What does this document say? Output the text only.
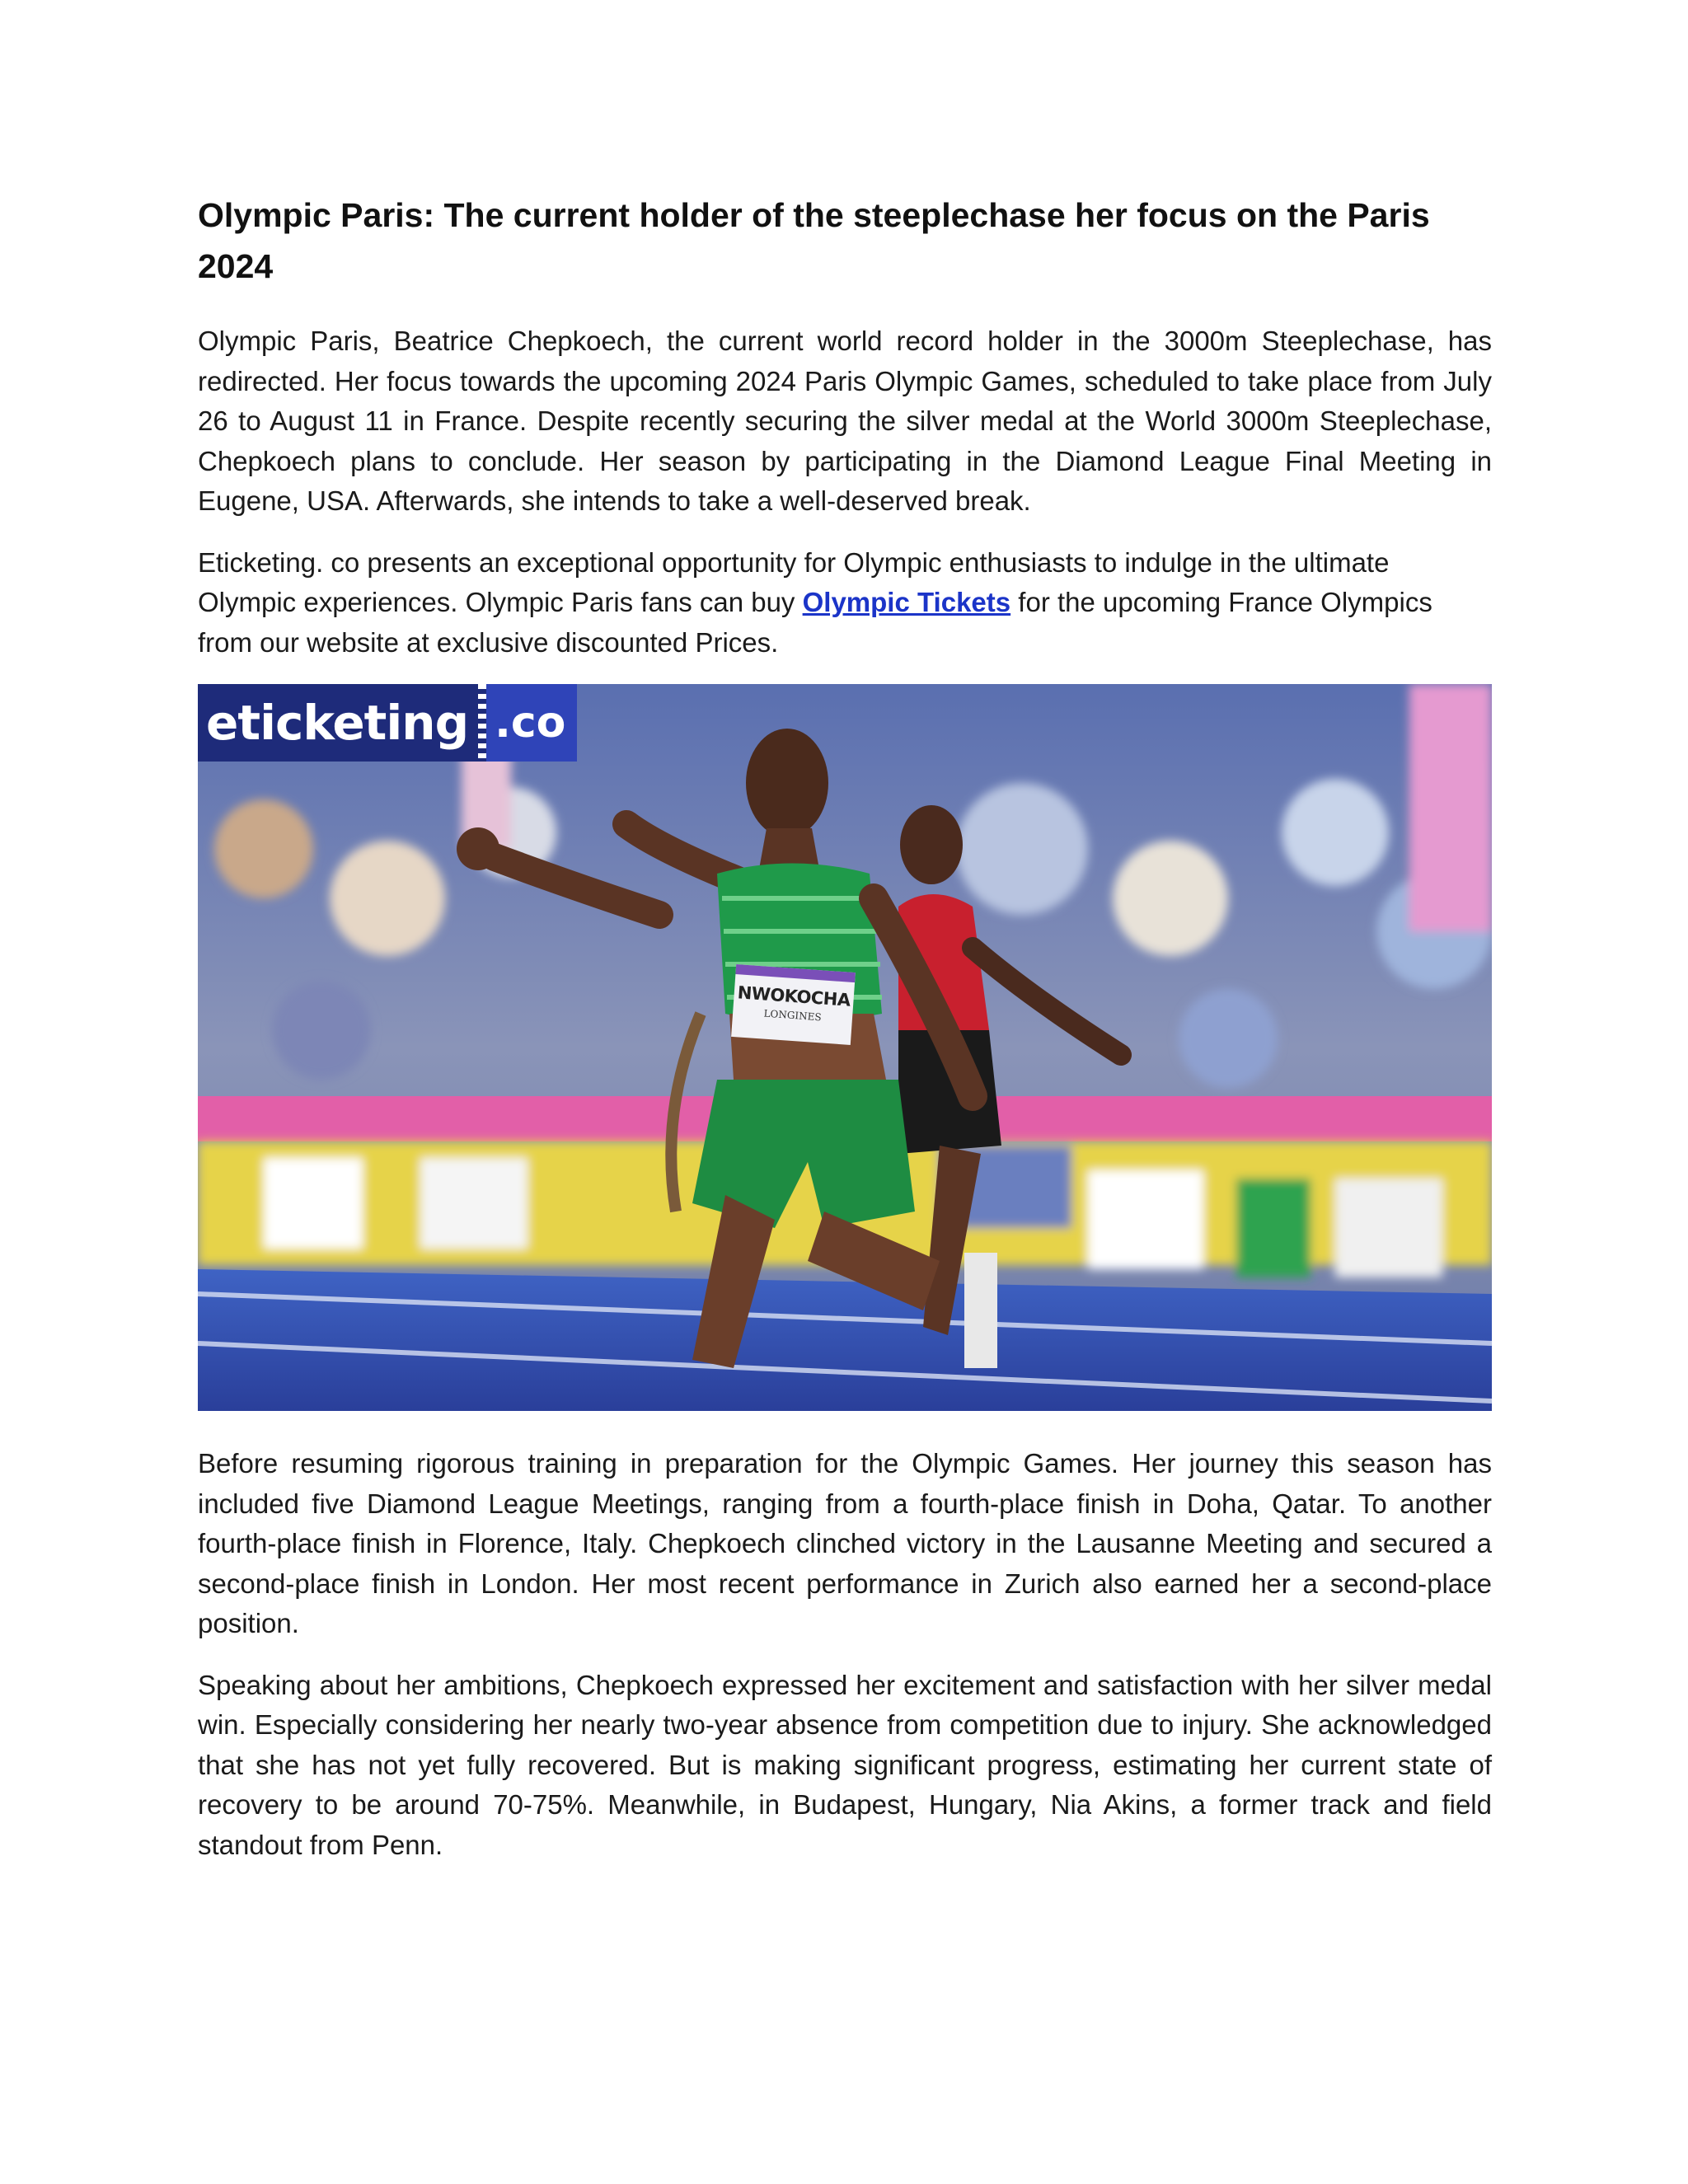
Olympic Paris: The current holder of the steeplechase her focus on the Paris 2024

Olympic Paris, Beatrice Chepkoech, the current world record holder in the 3000m Steeplechase, has redirected. Her focus towards the upcoming 2024 Paris Olympic Games, scheduled to take place from July 26 to August 11 in France. Despite recently securing the silver medal at the World 3000m Steeplechase, Chepkoech plans to conclude. Her season by participating in the Diamond League Final Meeting in Eugene, USA. Afterwards, she intends to take a well-deserved break.

Eticketing. co presents an exceptional opportunity for Olympic enthusiasts to indulge in the ultimate Olympic experiences. Olympic Paris fans can buy Olympic Tickets for the upcoming France Olympics from our website at exclusive discounted Prices.

eticketing .co
NWOKOCHA
LONGINES

Before resuming rigorous training in preparation for the Olympic Games. Her journey this season has included five Diamond League Meetings, ranging from a fourth-place finish in Doha, Qatar. To another fourth-place finish in Florence, Italy. Chepkoech clinched victory in the Lausanne Meeting and secured a second-place finish in London. Her most recent performance in Zurich also earned her a second-place position.

Speaking about her ambitions, Chepkoech expressed her excitement and satisfaction with her silver medal win. Especially considering her nearly two-year absence from competition due to injury. She acknowledged that she has not yet fully recovered. But is making significant progress, estimating her current state of recovery to be around 70-75%. Meanwhile, in Budapest, Hungary, Nia Akins, a former track and field standout from Penn.
